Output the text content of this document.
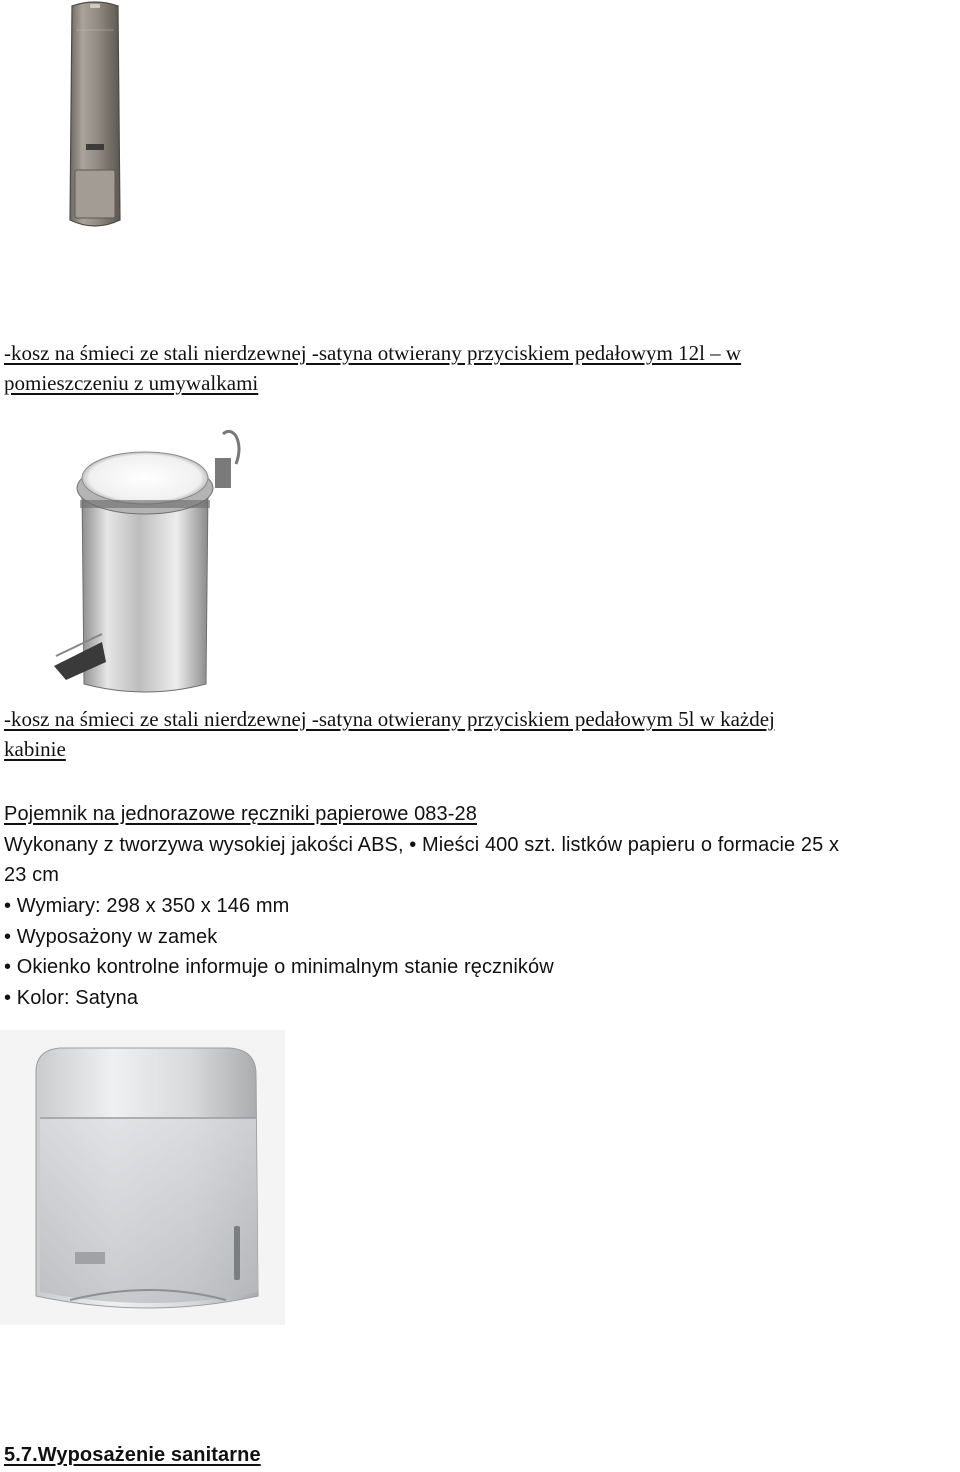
-kosz na śmieci ze stali nierdzewnej -satyna otwierany przyciskiem pedałowym 12l – w
pomieszczeniu z umywalkami
-kosz na śmieci ze stali nierdzewnej -satyna otwierany przyciskiem pedałowym 5l w każdej
kabinie
Pojemnik na jednorazowe ręczniki papierowe 083-28
Wykonany z tworzywa wysokiej jakości ABS, • Mieści 400 szt. listków papieru o formacie 25 x
23 cm
• Wymiary: 298 x 350 x 146 mm
• Wyposażony w zamek
• Okienko kontrolne informuje o minimalnym stanie ręczników
• Kolor: Satyna
5.7.Wyposażenie sanitarne
